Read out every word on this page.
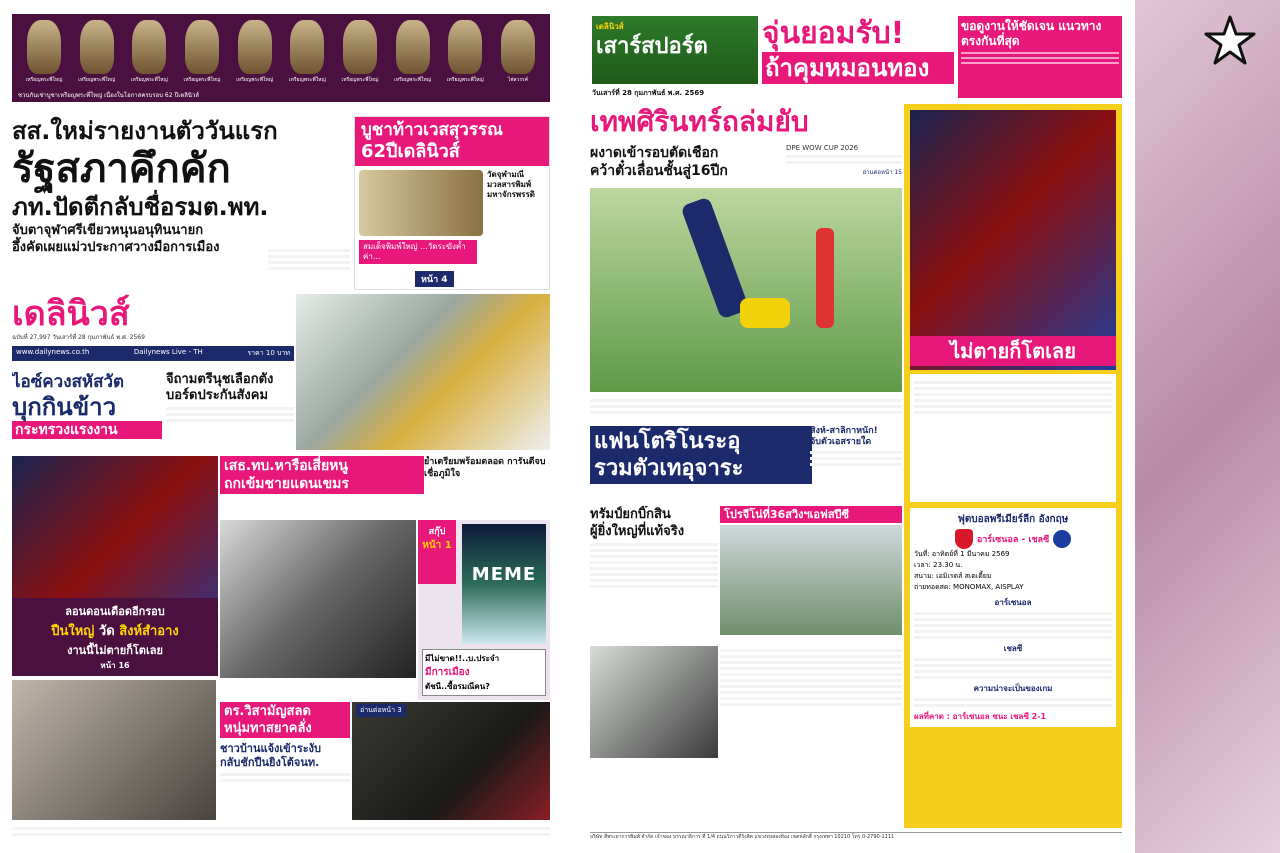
เหรียญพระพี่ใหญ่	เหรียญพระพี่ใหญ่	เหรียญพระพี่ใหญ่	เหรียญพระพี่ใหญ่	เหรียญพระพี่ใหญ่	เหรียญพระพี่ใหญ่	เหรียญพระพี่ใหญ่	เหรียญพระพี่ใหญ่	เหรียญพระพี่ใหญ่	ไพ่สวรรค์
ชวนกันเช่าบูชาเหรียญพระพี่ใหญ่ เนื่องในโอกาสครบรอบ 62 ปีเดลินิวส์
สส.ใหม่รายงานตัววันแรก
รัฐสภาคึกคัก
ภท.ปัดตีกลับชื่อรมต.พท.
จับตาจุฬาศรีเขียวหนุนอนุทินนายก
อึ้งคัดเผยแม่วประกาศวางมือการเมือง
บูชาท้าวเวสสุวรรณ
62ปีเดลินิวส์
วัดจุฬามณี มวลสารพิมพ์ มหาจักรพรรดิ
สมเด็จพิมพ์ใหญ่ ...วัดระฆังค้ำค่า...
หน้า 4
เดลินิวส์
ฉบับที่ 27,997 วันเสาร์ที่ 28 กุมภาพันธ์ พ.ศ. 2569
www.dailynews.co.th	Dailynews Live - TH	ราคา 10 บาท
ไอซ์ควงสหัสวัต
บุกกินข้าว
กระทรวงแรงงาน
จี้ถามตรีนุชเลือกตั้ง บอร์ดประกันสังคม
ลอนดอนเดือดอีกรอบ
ปืนใหญ่ วัด สิงห์สำอาง
งานนี้ไม่ตายก็โตเลย
หน้า 16
เสธ.ทบ.หารือเสี่ยหนู
ถกเข้มชายแดนเขมร
ย้ำเตรียมพร้อมตลอด การันตีจบเชื่อภูมิใจ
สกุ๊ป
หน้า 1
MEME
มีไม่ขาด!!..บ.ประจำ
มีการเมือง
ดัชนี..ซื้อรมณีคน?
ตร.วิสามัญสลด
หนุ่มทาสยาคลั่ง
ชาวบ้านแจ้งเข้าระงับ
กลับชักปืนยิงโต้จนท.
อ่านต่อหน้า 3
เดลินิวส์
เสาร์สปอร์ต
วันเสาร์ที่ 28 กุมภาพันธ์ พ.ศ. 2569
จุ่นยอมรับ!
ถ้าคุมหมอนทอง
ขอดูงานให้ชัดเจน แนวทางตรงกันที่สุด
เทพศิรินทร์ถล่มยับ
ผงาดเข้ารอบตัดเชือก
คว้าตั๋วเลื่อนชั้นสู่16ปีก
DPE WOW CUP 2026
อ่านต่อหน้า 15
ไม่ตายก็โตเลย
ฟุตบอลพรีเมียร์ลีก อังกฤษ
อาร์เซนอล - เชลซี
วันที่: อาทิตย์ที่ 1 มีนาคม 2569
เวลา: 23.30 น.
สนาม: เอมิเรตส์ สเตเดี้ยม
ถ่ายทอดสด: MONOMAX, AISPLAY
อาร์เซนอล
เชลซี
ความน่าจะเป็นของเกม
ผลที่คาด : อาร์เซนอล ชนะ เชลซี 2-1
แฟนโตริโนระอุ
รวมตัวเทอุจาระ
สิงห์-สาลิกาหนัก!
จับตัวเอสรายใด
ทรัมป์ยกบิ๊กสิน
ผู้ยิ่งใหญ่ที่แท้จริง
โปรจีโน่ที่36สวิงฯเอฟสปีซี
บริษัท สี่พระยาการพิมพ์ จำกัด เจ้าของ บรรณาธิการ ที่ 1/4 ถนนวิภาวดีรังสิต แขวงทุ่งสองห้อง เขตหลักสี่ กรุงเทพฯ 10210 โทร 0-2790-1111
